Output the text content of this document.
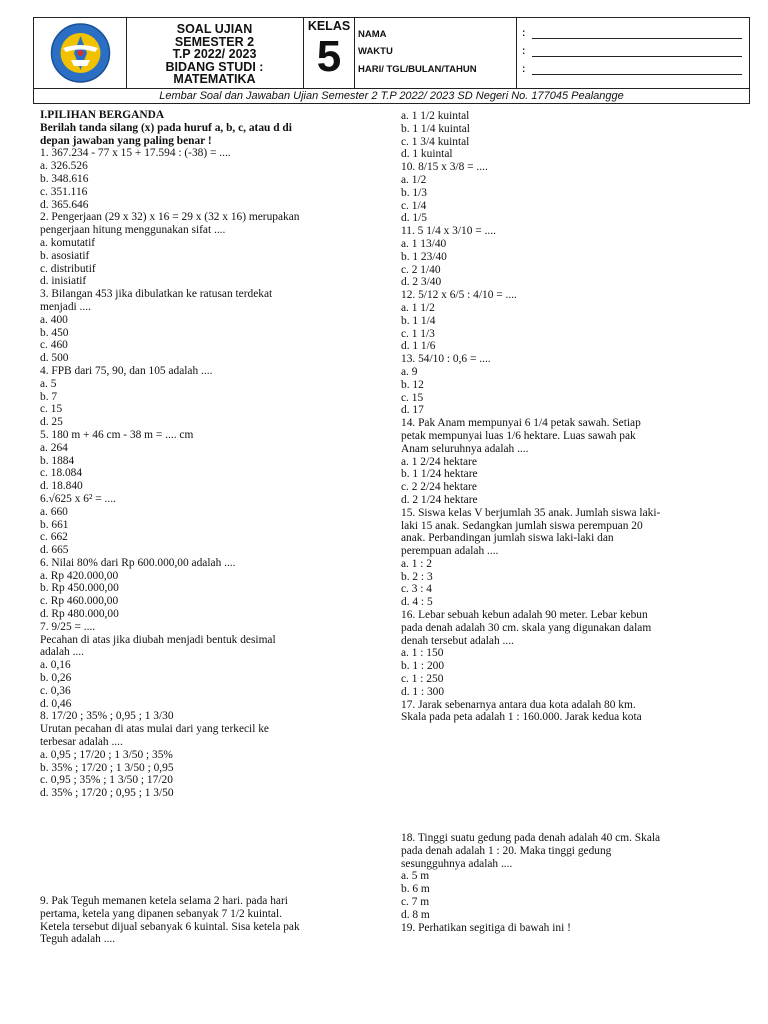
SOAL UJIAN
SEMESTER 2
T.P 2022/ 2023
BIDANG STUDI :
MATEMATIKA
KELAS
5	NAMA
WAKTU
HARI/ TGL/BULAN/TAHUN
:
:
:
Lembar Soal dan Jawaban Ujian Semester 2 T.P 2022/ 2023 SD Negeri No. 177045 Pealangge
I.PILIHAN BERGANDA
Berilah tanda silang (x) pada huruf a, b, c, atau d di
depan jawaban yang paling benar !
1. 367.234 - 77 x 15 + 17.594 : (-38) = ....
a. 326.526
b. 348.616
c. 351.116
d. 365.646
2. Pengerjaan (29 x 32) x 16 = 29 x (32 x 16) merupakan
pengerjaan hitung menggunakan sifat ....
a. komutatif
b. asosiatif
c. distributif
d. inisiatif
3. Bilangan 453 jika dibulatkan ke ratusan terdekat
menjadi ....
a. 400
b. 450
c. 460
d. 500
4. FPB dari 75, 90, dan 105 adalah ....
a. 5
b. 7
c. 15
d. 25
5. 180 m + 46 cm - 38 m = .... cm
a. 264
b. 1884
c. 18.084
d. 18.840
6.√625 x 6² = ....
a. 660
b. 661
c. 662
d. 665
6. Nilai 80% dari Rp 600.000,00 adalah ....
a. Rp 420.000,00
b. Rp 450.000,00
c. Rp 460.000,00
d. Rp 480.000,00
7. 9/25 = ....
Pecahan di atas jika diubah menjadi bentuk desimal
adalah ....
a. 0,16
b. 0,26
c. 0,36
d. 0,46
8. 17/20 ; 35% ; 0,95 ; 1 3/30
Urutan pecahan di atas mulai dari yang terkecil ke
terbesar adalah ....
a. 0,95 ; 17/20 ; 1 3/50 ; 35%
b. 35% ; 17/20 ; 1 3/50 ; 0,95
c. 0,95 ; 35% ; 1 3/50 ; 17/20
d. 35% ; 17/20 ; 0,95 ; 1 3/50
9. Pak Teguh memanen ketela selama 2 hari. pada hari
pertama, ketela yang dipanen sebanyak 7 1/2 kuintal.
Ketela tersebut dijual sebanyak 6 kuintal. Sisa ketela pak
Teguh adalah ....
a. 1 1/2 kuintal
b. 1 1/4 kuintal
c. 1 3/4 kuintal
d. 1 kuintal
10. 8/15 x 3/8 = ....
a. 1/2
b. 1/3
c. 1/4
d. 1/5
11. 5 1/4 x 3/10 = ....
a. 1 13/40
b. 1 23/40
c. 2 1/40
d. 2 3/40
12. 5/12 x 6/5 : 4/10 = ....
a. 1 1/2
b. 1 1/4
c. 1 1/3
d. 1 1/6
13. 54/10 : 0,6 = ....
a. 9
b. 12
c. 15
d. 17
14. Pak Anam mempunyai 6 1/4 petak sawah. Setiap
petak mempunyai luas 1/6 hektare. Luas sawah pak
Anam seluruhnya adalah ....
a. 1 2/24 hektare
b. 1 1/24 hektare
c. 2 2/24 hektare
d. 2 1/24 hektare
15. Siswa kelas V berjumlah 35 anak. Jumlah siswa laki-
laki 15 anak. Sedangkan jumlah siswa perempuan 20
anak. Perbandingan jumlah siswa laki-laki dan
perempuan adalah ....
a. 1 : 2
b. 2 : 3
c. 3 : 4
d. 4 : 5
16. Lebar sebuah kebun adalah 90 meter. Lebar kebun
pada denah adalah 30 cm. skala yang digunakan dalam
denah tersebut adalah ....
a. 1 : 150
b. 1 : 200
c. 1 : 250
d. 1 : 300
17. Jarak sebenarnya antara dua kota adalah 80 km.
Skala pada peta adalah 1 : 160.000. Jarak kedua kota
18. Tinggi suatu gedung pada denah adalah 40 cm. Skala
pada denah adalah 1 : 20. Maka tinggi gedung
sesungguhnya adalah ....
a. 5 m
b. 6 m
c. 7 m
d. 8 m
19. Perhatikan segitiga di bawah ini !
